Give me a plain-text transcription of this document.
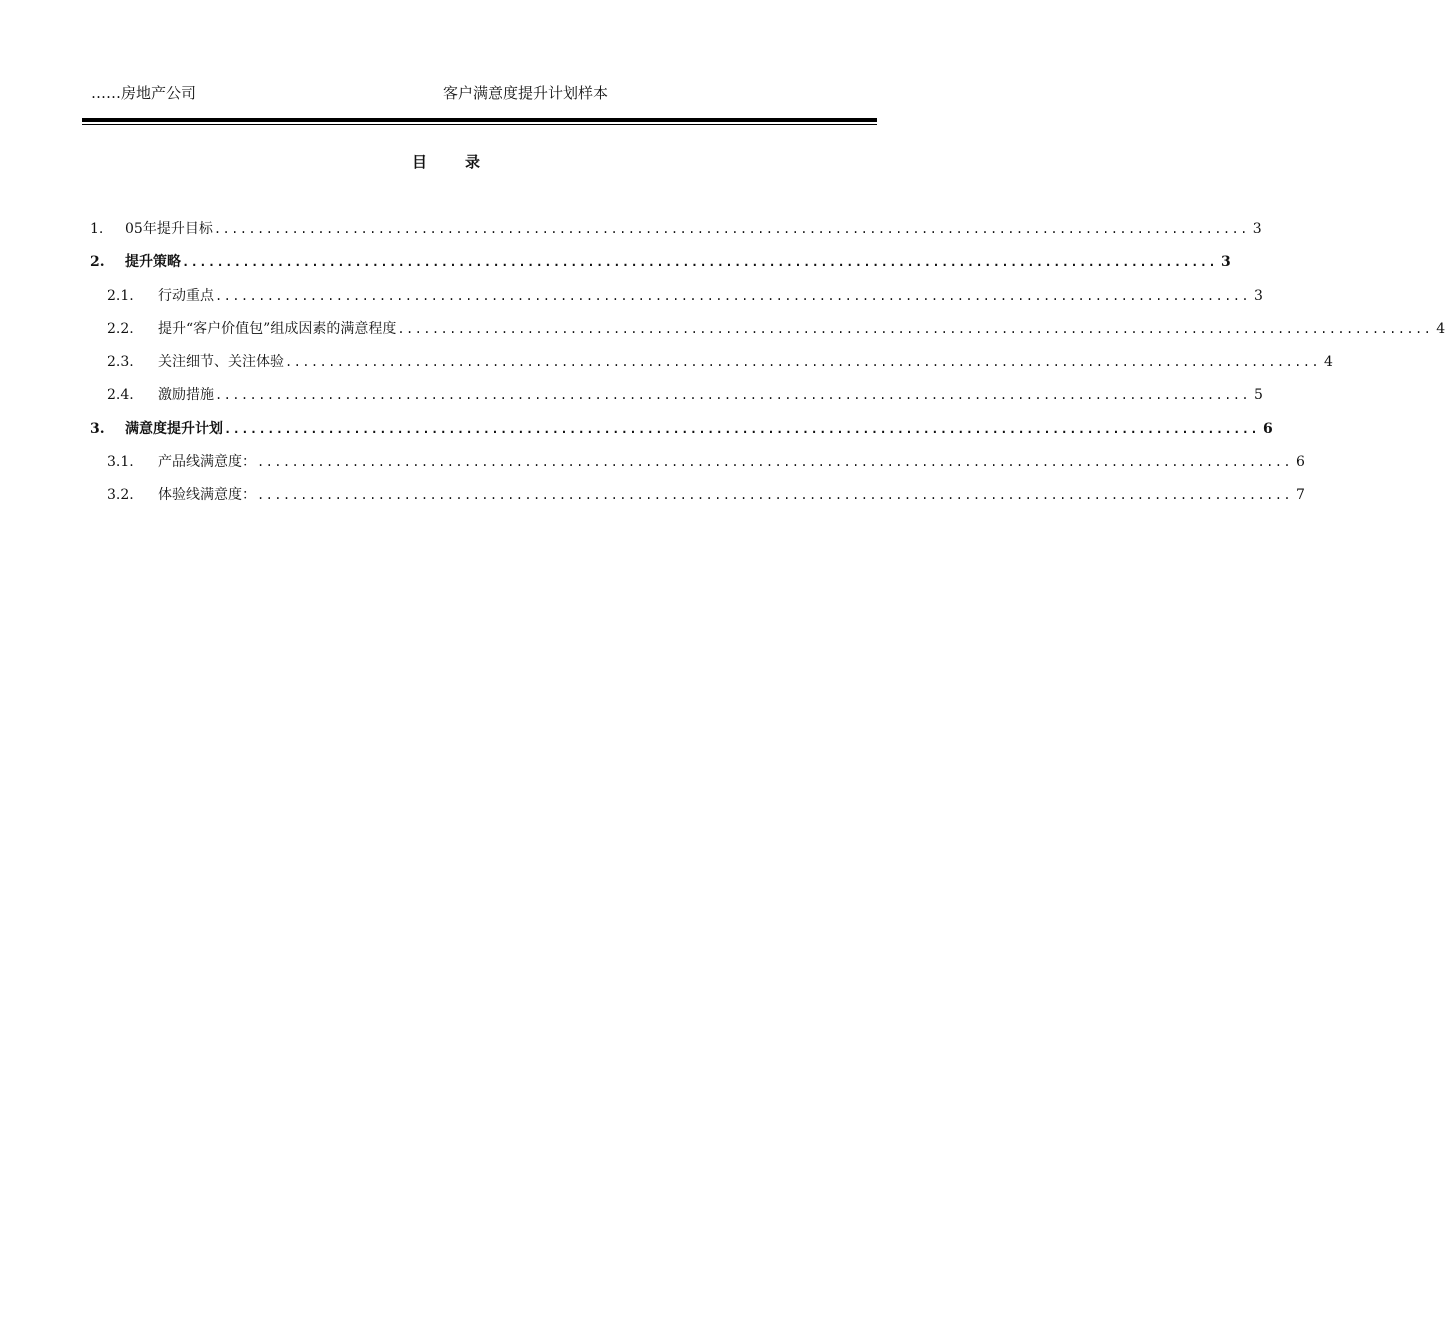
……房地产公司	客户满意度提升计划样本
目录
1.	05年提升目标 ........................................................................................................................ 3
2.	提升策略 ........................................................................................................................ 3
2.1.	行动重点 ........................................................................................................................ 3
2.2.	提升“客户价值包”组成因素的满意程度 ........................................................................................................................ 4
2.3.	关注细节、关注体验 ........................................................................................................................ 4
2.4.	激励措施 ........................................................................................................................ 5
3.	满意度提升计划 ........................................................................................................................ 6
3.1.	产品线满意度： ........................................................................................................................ 6
3.2.	体验线满意度： ........................................................................................................................ 7
